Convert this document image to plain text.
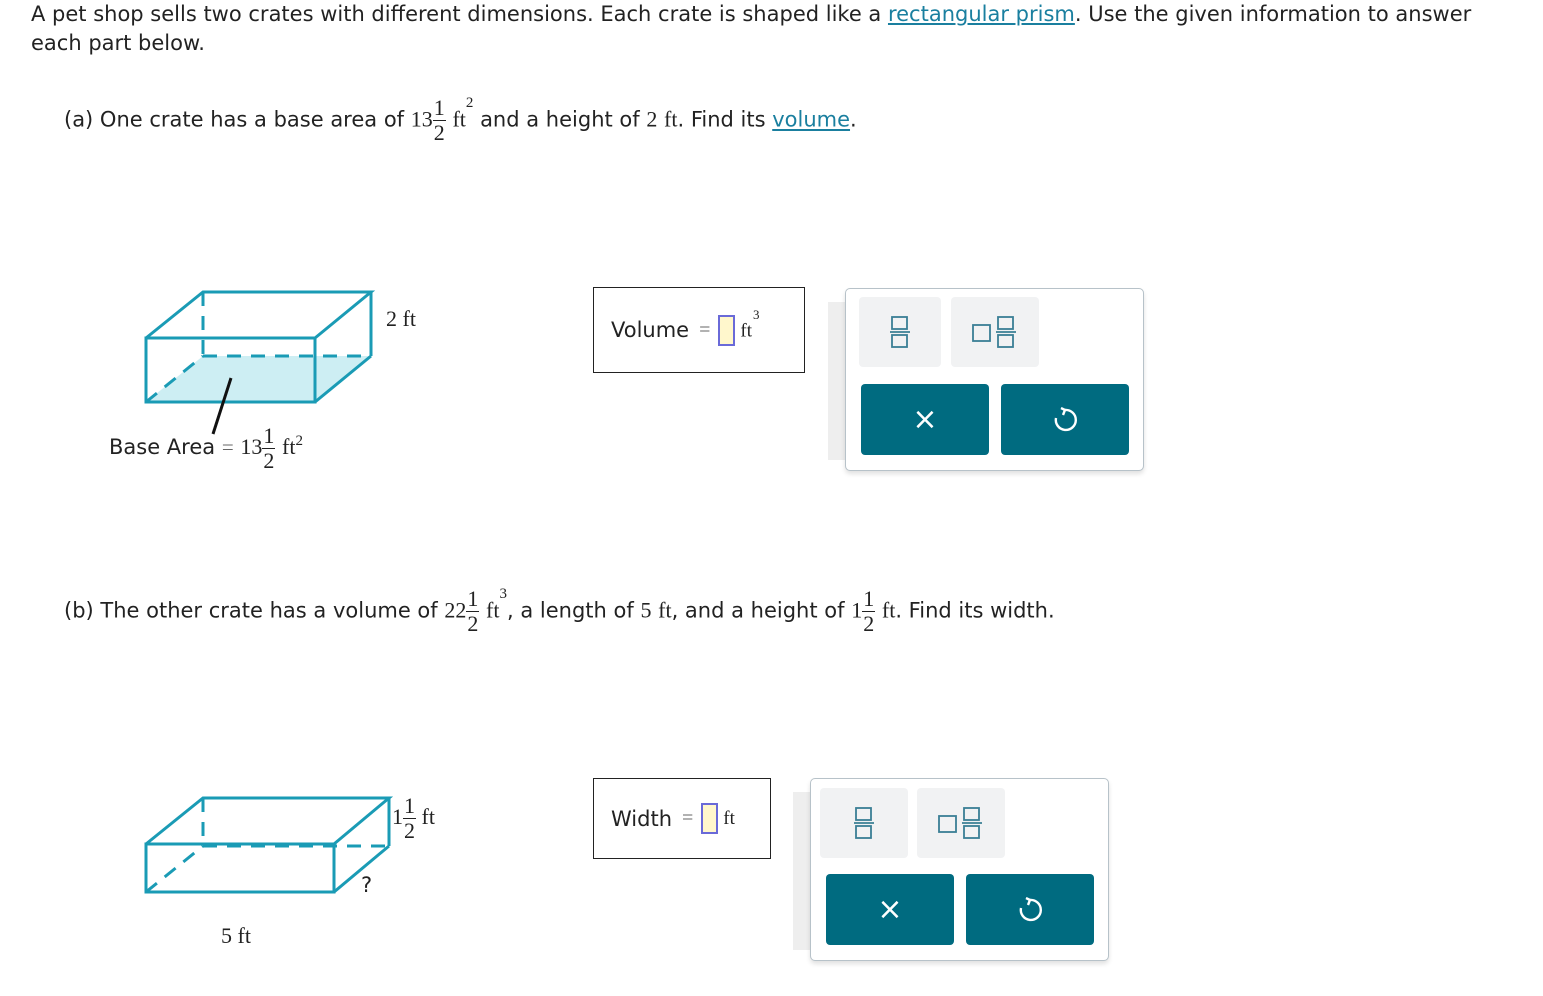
A pet shop sells two crates with different dimensions. Each crate is shaped like a rectangular prism. Use the given information to answer each part below.
(a) One crate has a base area of $13 \frac{1}{2} ft^2$ and a height of 2 ft. Find its volume.
2 ft
Base Area = $13 \frac{1}{2} ft^2$
Volume = $ft^3$
×
(b) The other crate has a volume of $22 \frac{1}{2} ft^3$, a length of 5 ft, and a height of $1 \frac{1}{2}$ ft. Find its width.
$1 \frac{1}{2}$ ft
?
5 ft
Width = ft
×
